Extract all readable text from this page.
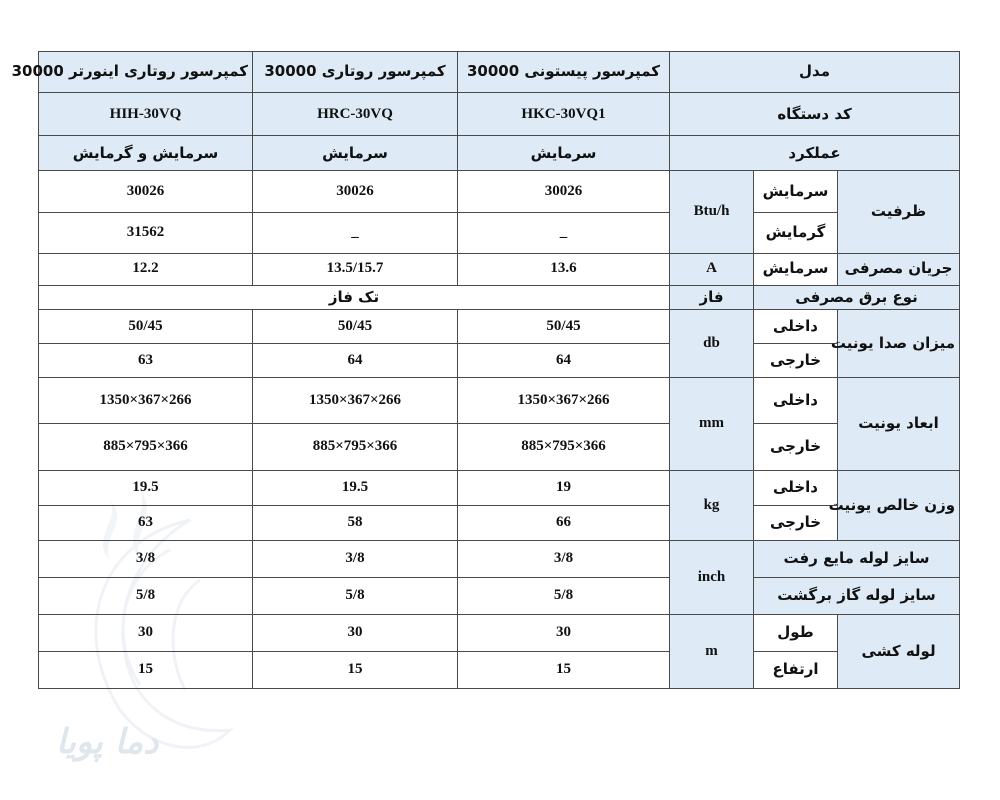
دما پویا
کمپرسور روتاری اینورتر 30000	کمپرسور روتاری 30000	کمپرسور پیستونی 30000	مدل		
HIH-30VQ	HRC-30VQ	HKC-30VQ1	کد دستگاه		
سرمایش و گرمایش	سرمایش	سرمایش	عملکرد		
30026	30026	30026	Btu/h	سرمایش	ظرفیت
31562	_	_		گرمایش	
12.2	13.5/15.7	13.6	A	سرمایش	جریان مصرفی
تک فاز			فاز	نوع برق مصرفی	
50/45	50/45	50/45	db	داخلی	میزان صدا یونیت
63	64	64		خارجی	
1350×367×266	1350×367×266	1350×367×266	mm	داخلی	ابعاد یونیت
885×795×366	885×795×366	885×795×366		خارجی	
19.5	19.5	19	kg	داخلی	وزن خالص یونیت
63	58	66		خارجی	
3/8	3/8	3/8	inch	سایز لوله مایع رفت	
5/8	5/8	5/8		سایز لوله گاز برگشت	
30	30	30	m	طول	لوله کشی
15	15	15		ارتفاع	
